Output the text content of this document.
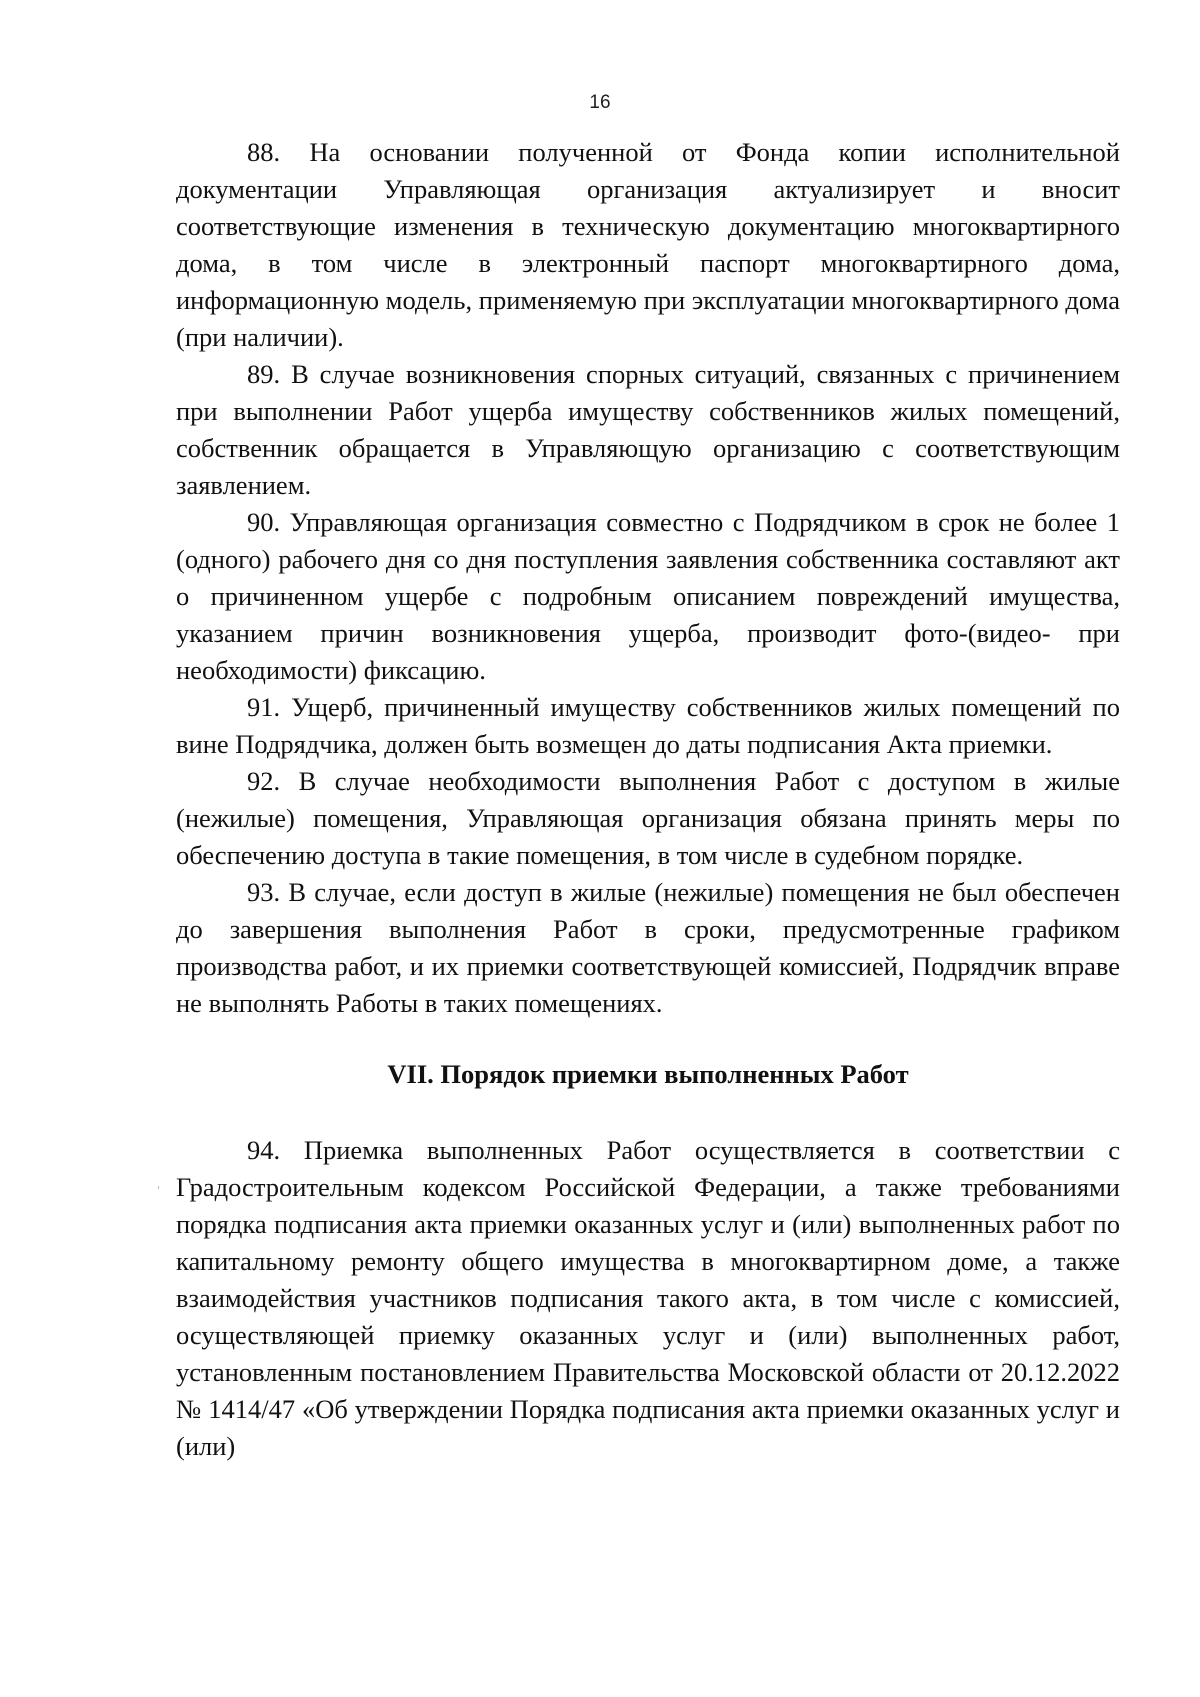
16

88. На основании полученной от Фонда копии исполнительной документации Управляющая организация актуализирует и вносит соответствующие изменения в техническую документацию многоквартирного дома, в том числе в электронный паспорт многоквартирного дома, информационную модель, применяемую при эксплуатации многоквартирного дома (при наличии).

89. В случае возникновения спорных ситуаций, связанных с причинением при выполнении Работ ущерба имуществу собственников жилых помещений, собственник обращается в Управляющую организацию с соответствующим заявлением.

90. Управляющая организация совместно с Подрядчиком в срок не более 1 (одного) рабочего дня со дня поступления заявления собственника составляют акт о причиненном ущербе с подробным описанием повреждений имущества, указанием причин возникновения ущерба, производит фото-(видео- при необходимости) фиксацию.

91. Ущерб, причиненный имуществу собственников жилых помещений по вине Подрядчика, должен быть возмещен до даты подписания Акта приемки.

92. В случае необходимости выполнения Работ с доступом в жилые (нежилые) помещения, Управляющая организация обязана принять меры по обеспечению доступа в такие помещения, в том числе в судебном порядке.

93. В случае, если доступ в жилые (нежилые) помещения не был обеспечен до завершения выполнения Работ в сроки, предусмотренные графиком производства работ, и их приемки соответствующей комиссией, Подрядчик вправе не выполнять Работы в таких помещениях.

VII. Порядок приемки выполненных Работ

94. Приемка выполненных Работ осуществляется в соответствии с Градостроительным кодексом Российской Федерации, а также требованиями порядка подписания акта приемки оказанных услуг и (или) выполненных работ по капитальному ремонту общего имущества в многоквартирном доме, а также взаимодействия участников подписания такого акта, в том числе с комиссией, осуществляющей приемку оказанных услуг и (или) выполненных работ, установленным постановлением Правительства Московской области от 20.12.2022 № 1414/47 «Об утверждении Порядка подписания акта приемки оказанных услуг и (или)
